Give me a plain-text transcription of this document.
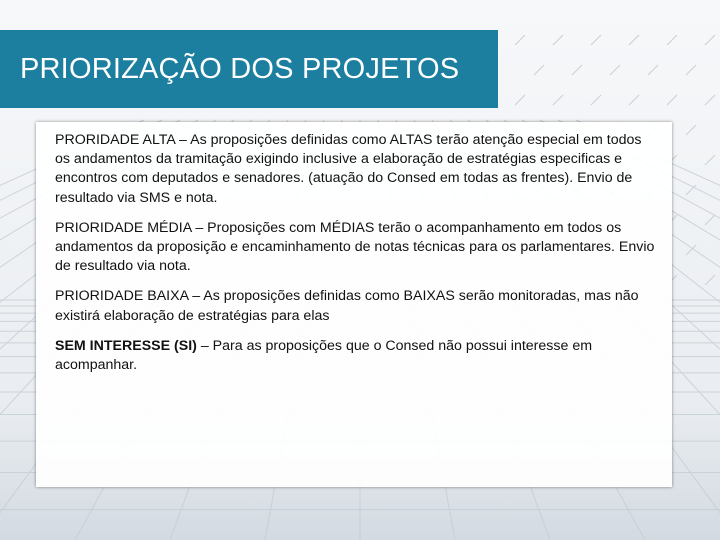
PRIORIZAÇÃO DOS PROJETOS

PRORIDADE ALTA – As proposições definidas como ALTAS terão atenção especial em todos os andamentos da tramitação exigindo inclusive a elaboração de estratégias especificas e encontros com deputados e senadores. (atuação do Consed em todas as frentes). Envio de resultado via SMS e nota.

PRIORIDADE MÉDIA – Proposições com MÉDIAS terão o acompanhamento em todos os andamentos da proposição e encaminhamento de notas técnicas para os parlamentares. Envio de resultado via nota.

PRIORIDADE BAIXA – As proposições definidas como BAIXAS serão monitoradas, mas não existirá elaboração de estratégias para elas

SEM INTERESSE (SI) – Para as proposições que o Consed não possui interesse em acompanhar.
